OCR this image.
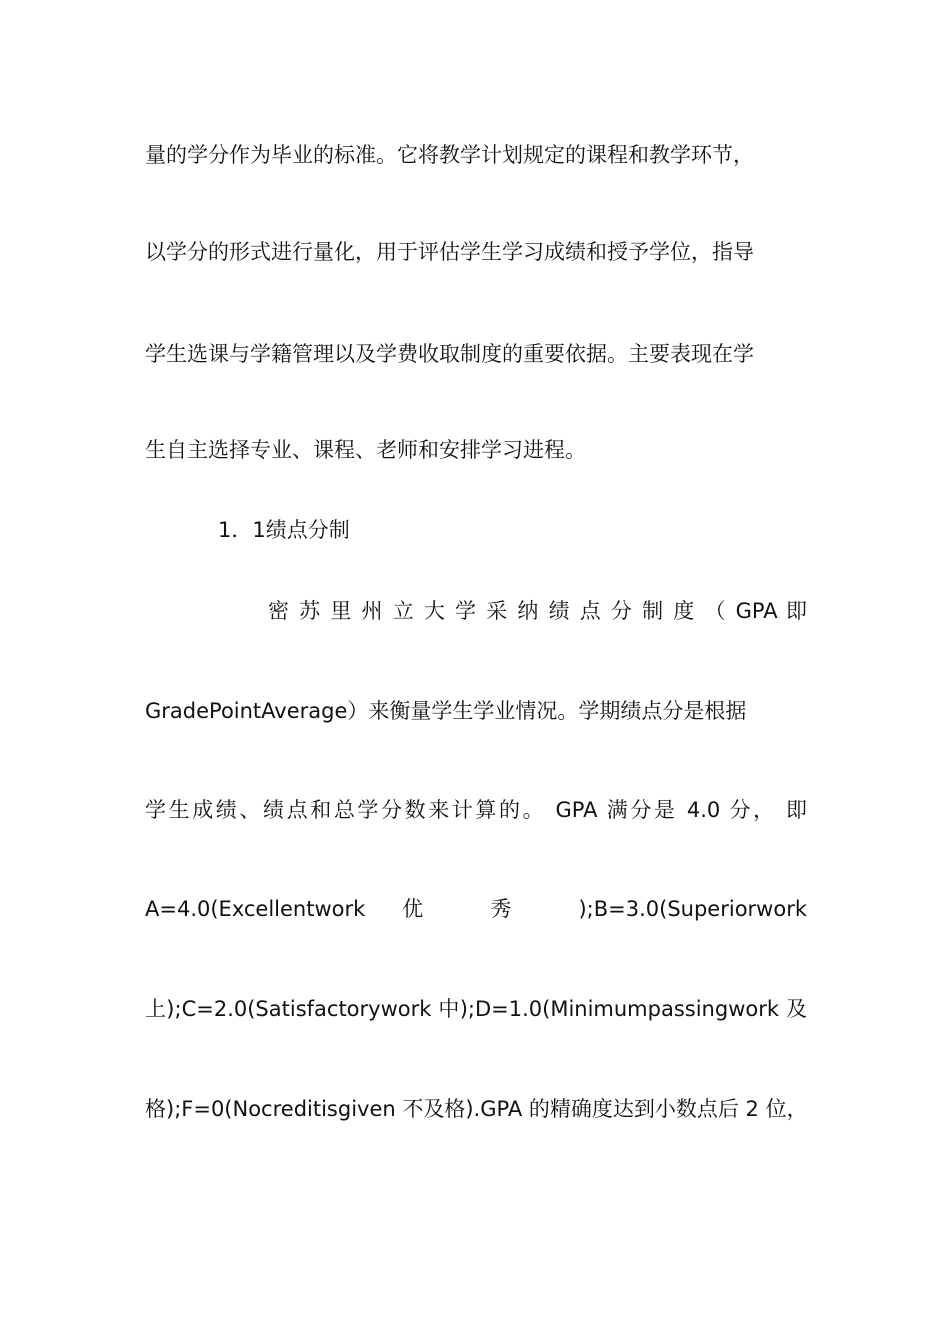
量的学分作为毕业的标准。它将教学计划规定的课程和教学环节，
以学分的形式进行量化，用于评估学生学习成绩和授予学位，指导
学生选课与学籍管理以及学费收取制度的重要依据。主要表现在学
生自主选择专业、课程、老师和安排学习进程。
1．1绩点分制
密 苏 里 州 立 大 学 采 纳 绩 点 分 制 度 （ GPA 即
GradePointAverage）来衡量学生学业情况。学期绩点分是根据
学生成绩、绩点和总学分数来计算的。 GPA 满分是 4.0 分， 即
A=4.0(Excellentwork 优 秀 );B=3.0(Superiorwork
上);C=2.0(Satisfactorywork 中);D=1.0(Minimumpassingwork 及
格);F=0(Nocreditisgiven 不及格).GPA 的精确度达到小数点后 2 位，
